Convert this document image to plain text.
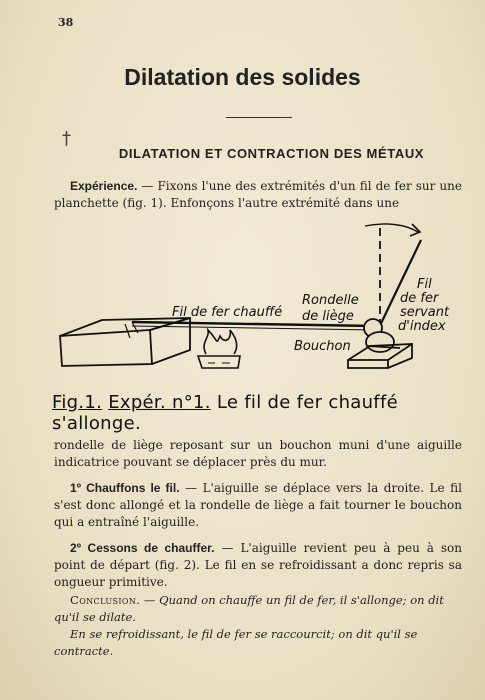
38
Dilatation des solides
†
DILATATION ET CONTRACTION DES MÉTAUX
Expérience. — Fixons l'une des extrémités d'un fil de fer sur une planchette (fig. 1). Enfonçons l'autre extrémité dans une
Fil de fer chauffé
Rondelle
de liège
Bouchon
Fil
de fer
servant
d'index
Fig.1. Expér. n°1. Le fil de fer chauffé s'allonge.
rondelle de liège reposant sur un bouchon muni d'une aiguille indicatrice pouvant se déplacer près du mur.
1º Chauffons le fil. — L'aiguille se déplace vers la droite. Le fil s'est donc allongé et la rondelle de liège a fait tourner le bouchon qui a entraîné l'aiguille.
2º Cessons de chauffer. — L'aiguille revient peu à peu à son point de départ (fig. 2). Le fil en se refroidissant a donc repris sa ongueur primitive.
Conclusion. — Quand on chauffe un fil de fer, il s'allonge; on dit qu'il se dilate.
En se refroidissant, le fil de fer se raccourcit; on dit qu'il se contracte.
